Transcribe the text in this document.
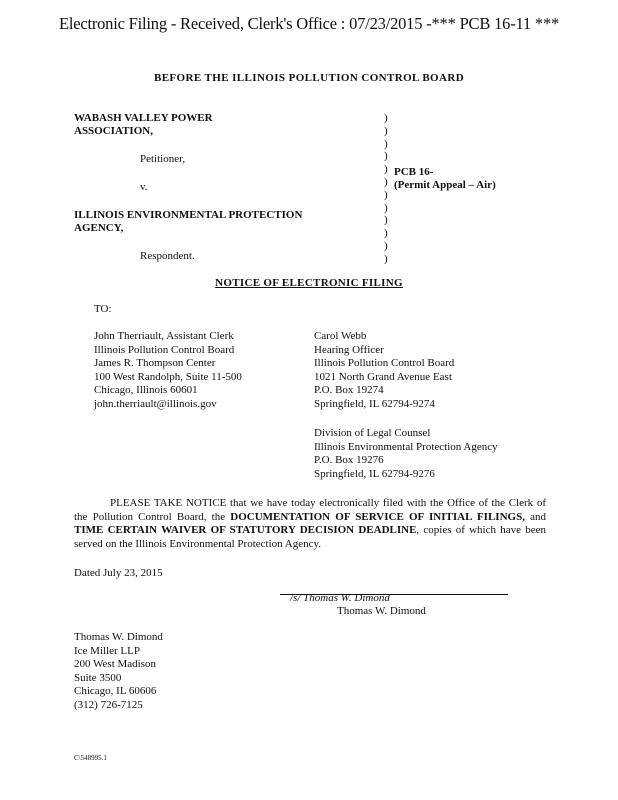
Electronic Filing - Received, Clerk's Office : 07/23/2015 -*** PCB 16-11 ***
BEFORE THE ILLINOIS POLLUTION CONTROL BOARD
WABASH VALLEY POWER
ASSOCIATION,
Petitioner,
v.
ILLINOIS ENVIRONMENTAL PROTECTION
AGENCY,
Respondent.
)
)
)
)
)
)
)
)
)
)
)
)
PCB 16-
(Permit Appeal – Air)
NOTICE OF ELECTRONIC FILING
TO:
John Therriault, Assistant Clerk
Illinois Pollution Control Board
James R. Thompson Center
100 West Randolph, Suite 11-500
Chicago, Illinois 60601
john.therriault@illinois.gov
Carol Webb
Hearing Officer
Illinois Pollution Control Board
1021 North Grand Avenue East
P.O. Box 19274
Springfield, IL 62794-9274
Division of Legal Counsel
Illinois Environmental Protection Agency
P.O. Box 19276
Springfield, IL 62794-9276
PLEASE TAKE NOTICE that we have today electronically filed with the Office of the Clerk of the Pollution Control Board, the DOCUMENTATION OF SERVICE OF INITIAL FILINGS, and TIME CERTAIN WAIVER OF STATUTORY DECISION DEADLINE, copies of which have been served on the Illinois Environmental Protection Agency.
Dated July 23, 2015
/s/ Thomas W. Dimond
Thomas W. Dimond
Thomas W. Dimond
Ice Miller LLP
200 West Madison
Suite 3500
Chicago, IL 60606
(312) 726-7125
C\548995.1
